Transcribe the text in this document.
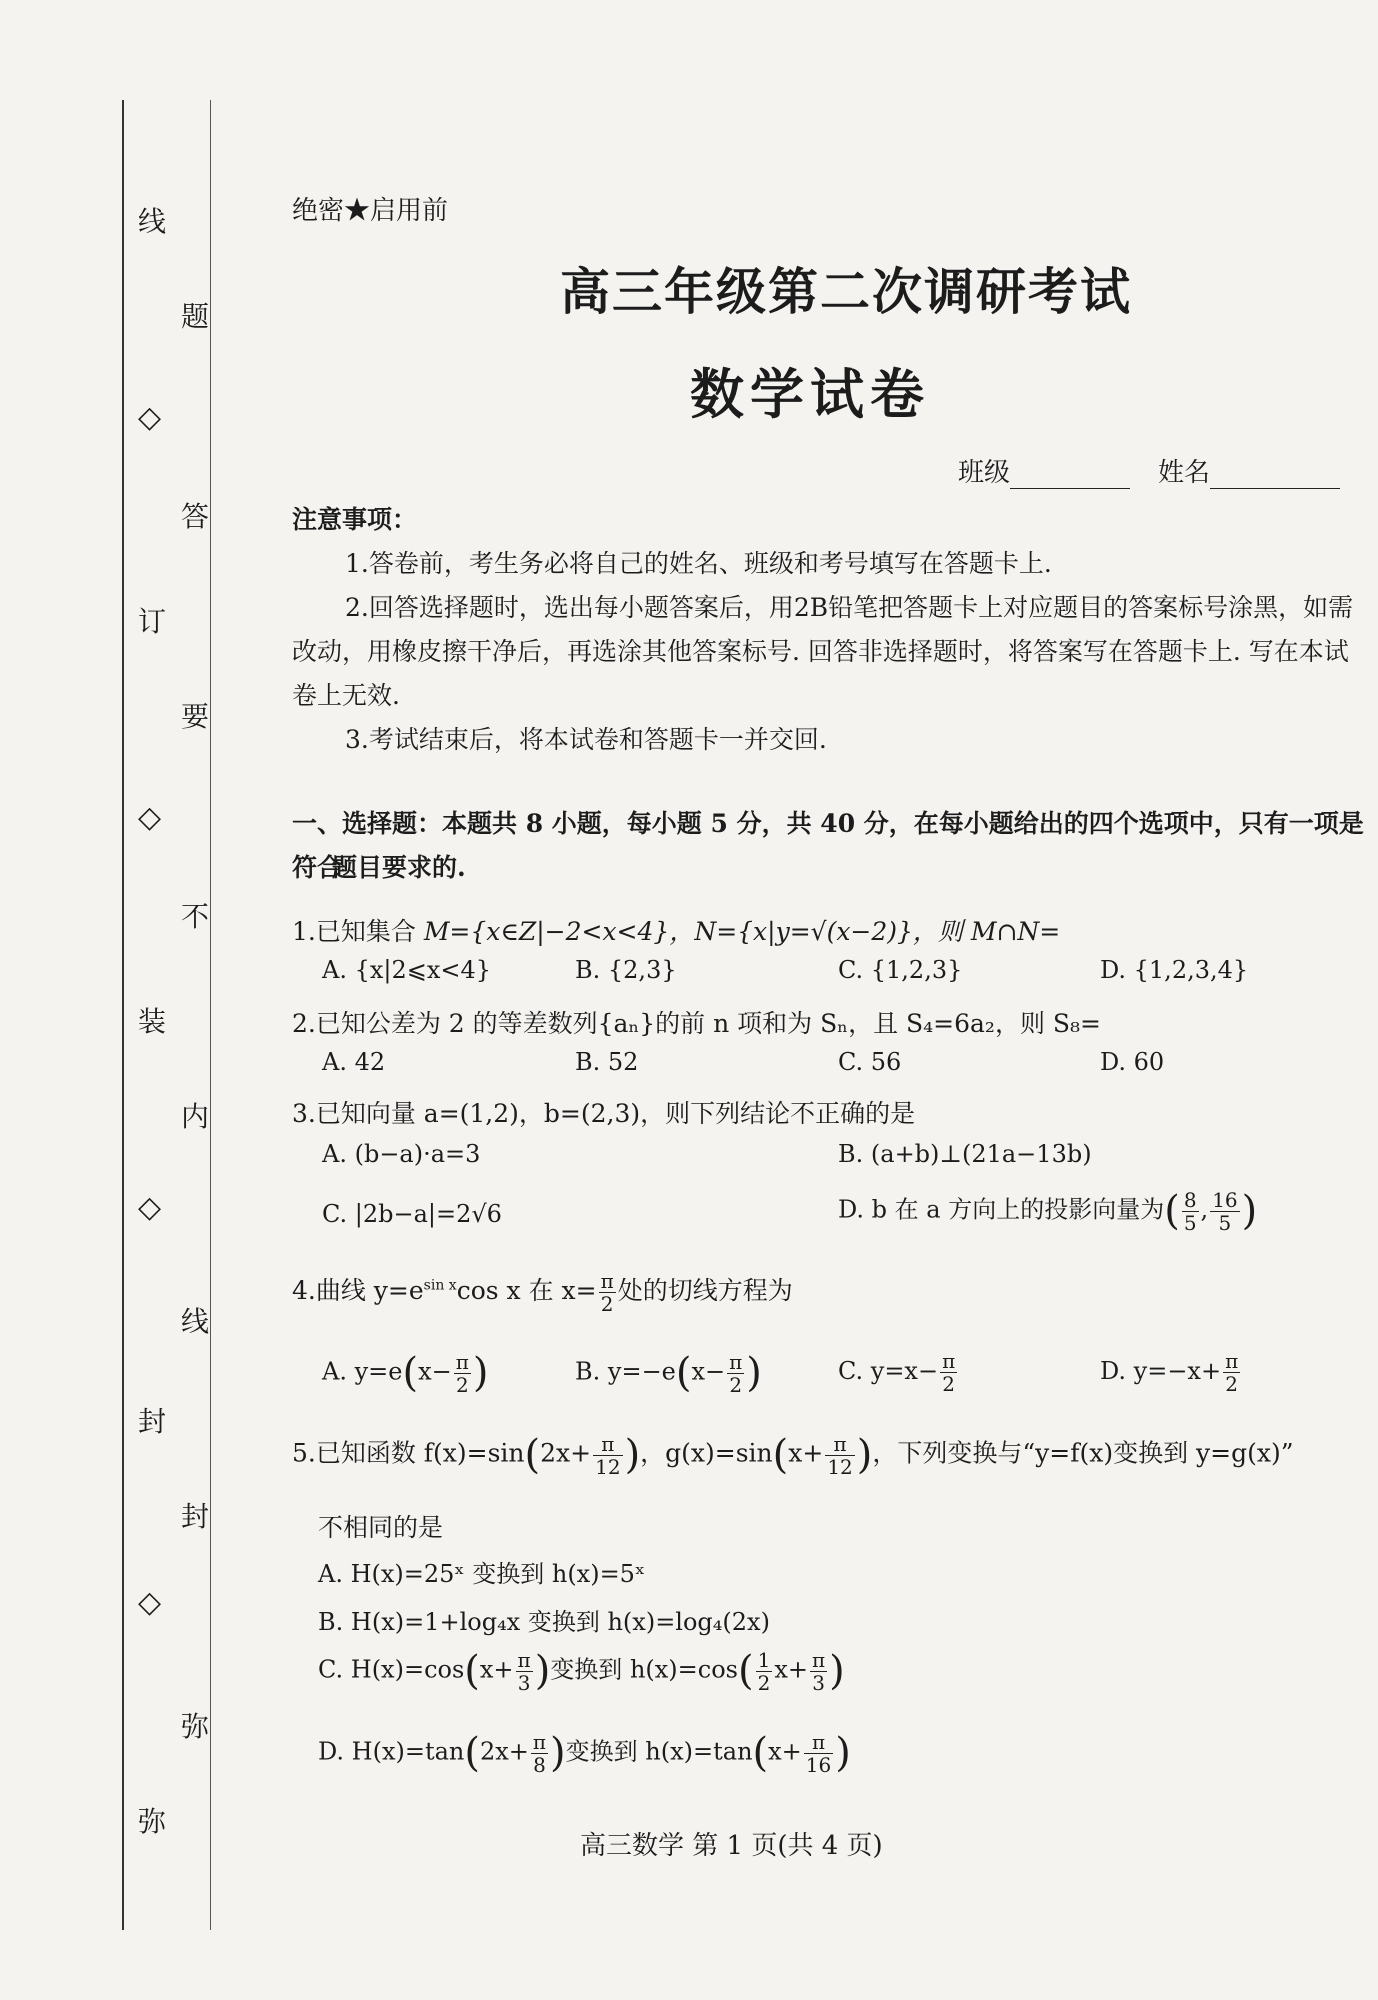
线
◇
订
◇
装
◇
封
◇
弥
题
答
要
不
内
线
封
弥
绝密★启用前
高三年级第二次调研考试
数学试卷
班级	姓名
注意事项：
1.答卷前，考生务必将自己的姓名、班级和考号填写在答题卡上.
2.回答选择题时，选出每小题答案后，用2B铅笔把答题卡上对应题目的答案标号涂黑，如需
改动，用橡皮擦干净后，再选涂其他答案标号. 回答非选择题时，将答案写在答题卡上. 写在本试
卷上无效.
3.考试结束后，将本试卷和答题卡一并交回.
一、选择题：本题共 8 小题，每小题 5 分，共 40 分，在每小题给出的四个选项中，只有一项是符合
题目要求的.
1.已知集合 M={x∈Z|−2<x<4}，N={x|y=√(x−2)}，则 M∩N=
A. {x|2⩽x<4}	B. {2,3}	C. {1,2,3}	D. {1,2,3,4}
2.已知公差为 2 的等差数列{aₙ}的前 n 项和为 Sₙ，且 S₄=6a₂，则 S₈=
A. 42	B. 52	C. 56	D. 60
3.已知向量 a=(1,2)，b=(2,3)，则下列结论不正确的是
A. (b−a)·a=3	B. (a+b)⊥(21a−13b)
C. |2b−a|=2√6	D. b 在 a 方向上的投影向量为( $\frac{8}{5}$ , $\frac{16}{5}$ )
4.曲线 $y=e^{sin x}\cos$ x 在 $x= \frac{\pi}{2}$ 处的切线方程为
A. $y=e(x- \frac{\pi}{2}$ )	B. $y=-e(x- \frac{\pi}{2}$ )	C. $y=x- \frac{\pi}{2}$	D. $y=-x+ \frac{\pi}{2}$
5.已知函数 $f(x)=\sin(2x+ \frac{\pi}{12}$ )，$g(x)=\sin(x+ \frac{\pi}{12}$ )，下列变换与“y=f(x)变换到 y=g(x)”
不相同的是
A. H(x)=25ˣ 变换到 h(x)=5ˣ
B. H(x)=1+log₄x 变换到 h(x)=log₄(2x)
C. $H(x)=\cos(x+ \frac{\pi}{3}$ )变换到 $h(x)=\cos( \frac{1}{2} x+ \frac{\pi}{3}$ )
D. $H(x)=\tan(2x+ \frac{\pi}{8}$ )变换到 $h(x)=\tan(x+ \frac{\pi}{16}$ )
高三数学 第 1 页(共 4 页)
